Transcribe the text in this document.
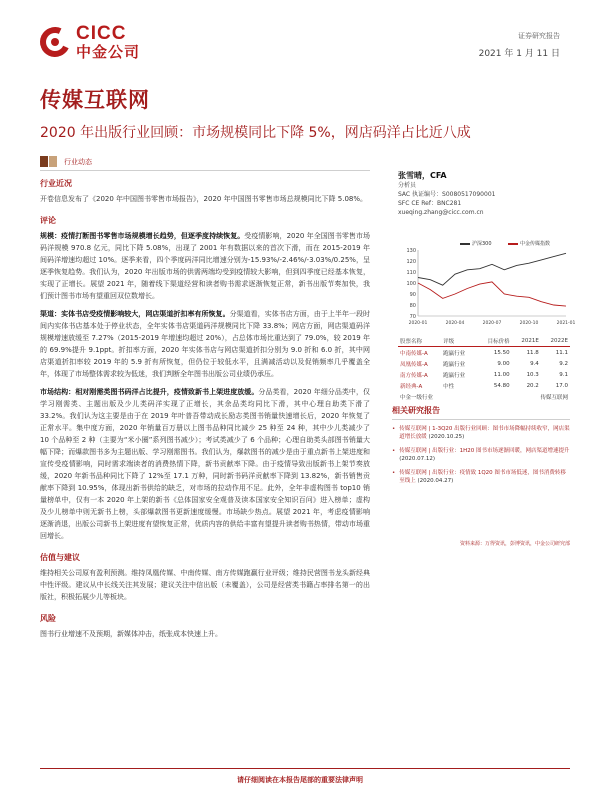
CICC
中金公司
证券研究报告
2021 年 1 月 11 日
传媒互联网
2020 年出版行业回顾：市场规模同比下降 5%，网店码洋占比近八成
行业动态
行业近况
开卷信息发布了《2020 年中国图书零售市场报告》，2020 年中国图书零售市场总规模同比下降 5.08%。
评论
规模：疫情打断图书零售市场规模增长趋势，但逐季度持续恢复。受疫情影响，2020 年全国图书零售市场码洋规模 970.8 亿元，同比下降 5.08%，出现了 2001 年有数据以来的首次下滑，而在 2015-2019 年间码洋增速均超过 10%。逐季来看，四个季度码洋同比增速分别为-15.93%/-2.46%/-3.03%/0.25%，呈逐季恢复趋势。我们认为，2020 年出版市场的供需两端均受到疫情较大影响，但到四季度已经基本恢复，实现了正增长。展望 2021 年，随着线下渠道经营和读者购书需求逐渐恢复正常，新书出版节奏加快，我们预计图书市场有望重回双位数增长。
渠道：实体书店受疫情影响较大，网店渠道折扣率有所恢复。分渠道看，实体书店方面，由于上半年一段时间内实体书店基本处于停业状态，全年实体书店渠道码洋规模同比下降 33.8%；网店方面，网店渠道码洋规模增速放缓至 7.27%（2015-2019 年增速均超过 20%），占总体市场比重达到了 79.0%，较 2019 年的 69.9%提升 9.1ppt。折扣率方面，2020 年实体书店与网店渠道折扣分别为 9.0 折和 6.0 折，其中网店渠道折扣率较 2019 年的 5.9 折有所恢复，但仍位于较低水平，且满减活动以及促销频率几乎覆盖全年，体现了市场整体需求较为低迷，我们判断全年图书出版公司业绩仍承压。
市场结构：相对刚需类图书码洋占比提升，疫情致新书上架进度放缓。分品类看，2020 年细分品类中，仅学习刚需类、主题出版及少儿类码洋实现了正增长，其余品类均同比下滑，其中心理自助类下滑了 33.2%。我们认为这主要是由于在 2019 年叶普吾带动成长励志类图书销量快速增长后，2020 年恢复了正常水平。集中度方面，2020 年销量百万册以上图书品种同比减少 25 种至 24 种，其中少儿类减少了 10 个品种至 2 种（主要为“米小圈”系列图书减少）；考试类减少了 6 个品种；心理自助类头部图书销量大幅下降；而爆款图书多为主题出版、学习刚需图书。我们认为，爆款图书的减少是由于重点新书上架进度和宣传受疫情影响，同时需求端读者的消费热情下降，新书贡献率下降。由于疫情导致出版新书上架节奏放缓，2020 年新书品种同比下降了 12%至 17.1 万种，同时新书码洋贡献率下降到 13.82%，新书销售贡献率下降到 10.95%，体现出新书供给的缺乏，对市场的拉动作用不足。此外，全年非虚构图书 top10 销量榜单中，仅有一本 2020 年上架的新书《总体国家安全观普及读本国家安全知识百问》进入榜单；虚构及少儿榜单中则无新书上榜，头部爆款图书更新速度缓慢。市场缺少热点。展望 2021 年，考虑疫情影响逐渐消退，出版公司新书上架进度有望恢复正常，优质内容的供给丰富有望提升读者购书热情，带动市场重回增长。
估值与建议
维持相关公司原有盈利预测。维持凤凰传媒、中南传媒、南方传媒跑赢行业评级；维持民营图书龙头新经典中性评级。建议从中长线关注其发展；建议关注中信出版（未覆盖），公司是经营类书籍占率排名第一的出版社，积极拓展少儿等板块。
风险
图书行业增速不及预期，新媒体冲击，纸张成本快速上升。
张雪晴，CFA
分析员
SAC 执证编号：S0080517090001
SFC CE Ref：BNC281
xueqing.zhang@cicc.com.cn
沪深300	中金传媒指数
130
120
110
100
90
80
70
2020-01	2020-04	2020-07	2020-10	2021-01
股票名称	评级	目标价格	2021E	2022E
中南传媒-A	跑赢行业	15.50	11.8	11.1
凤凰传媒-A	跑赢行业	9.00	9.4	9.2
南方传媒-A	跑赢行业	11.00	10.3	9.1
新经典-A	中性	54.80	20.2	17.0
中金一级行业		传媒互联网		
相关研究报告
• 传媒互联网 | 1-3Q20 出版行业回顾：图书市场降幅持续收窄，网店渠道增长放缓 (2020.10.25)
• 传媒互联网 | 出版行业：1H20 图书市场逐渐回暖，网店渠道增速提升 (2020.07.12)
• 传媒互联网 | 出版行业：疫情致 1Q20 图书市场低迷，图书消费转移至线上 (2020.04.27)
资料来源：万得资讯，彭博资讯，中金公司研究部
请仔细阅读在本报告尾部的重要法律声明
